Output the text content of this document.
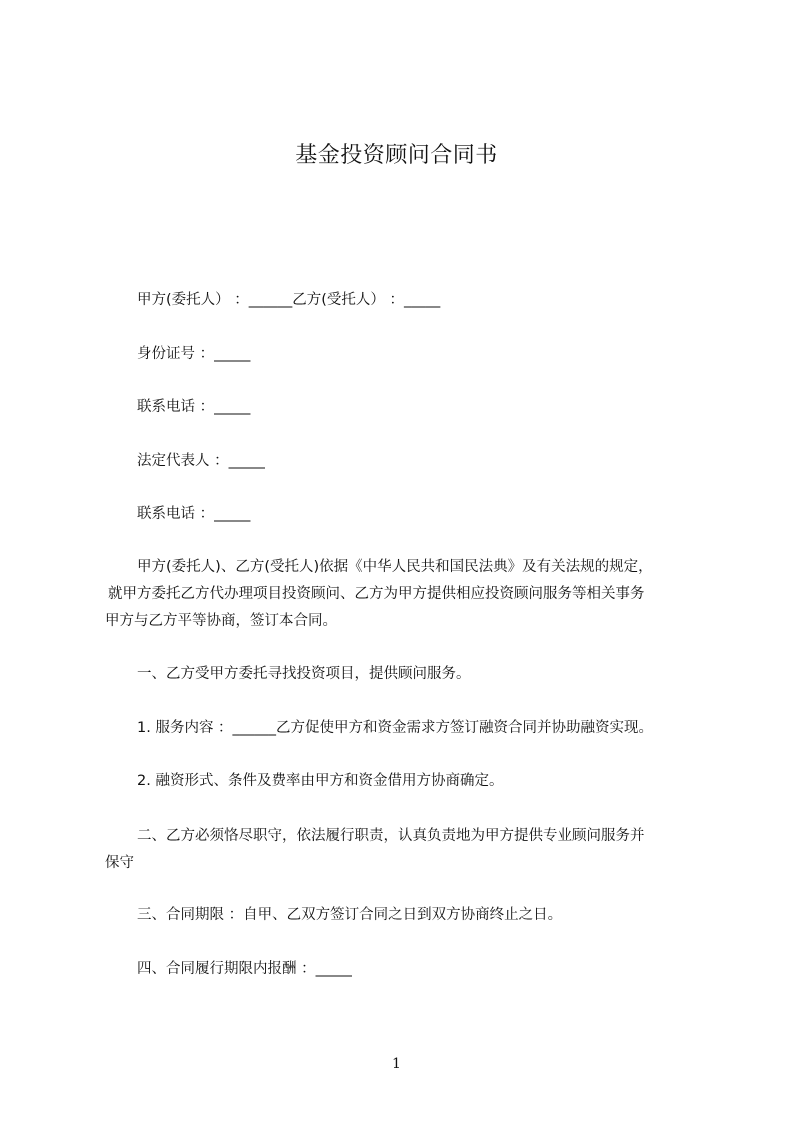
基金投资顾问合同书
甲方(委托人） ：______乙方(受托人） ：_____
身份证号 ：_____
联系电话 ：_____
法定代表人 ：_____
联系电话 ：_____
甲方(委托人)、乙方(受托人)依据《中华人民共和国民法典》及有关法规的规定，
就甲方委托乙方代办理项目投资顾问、乙方为甲方提供相应投资顾问服务等相关事务
甲方与乙方平等协商，签订本合同。
一、乙方受甲方委托寻找投资项目，提供顾问服务。
1. 服务内容 ：______乙方促使甲方和资金需求方签订融资合同并协助融资实现。
2. 融资形式、条件及费率由甲方和资金借用方协商确定。
二、乙方必须恪尽职守，依法履行职责，认真负责地为甲方提供专业顾问服务并
保守
三、合同期限 ：自甲、乙双方签订合同之日到双方协商终止之日。
四、合同履行期限内报酬 ：_____
1
